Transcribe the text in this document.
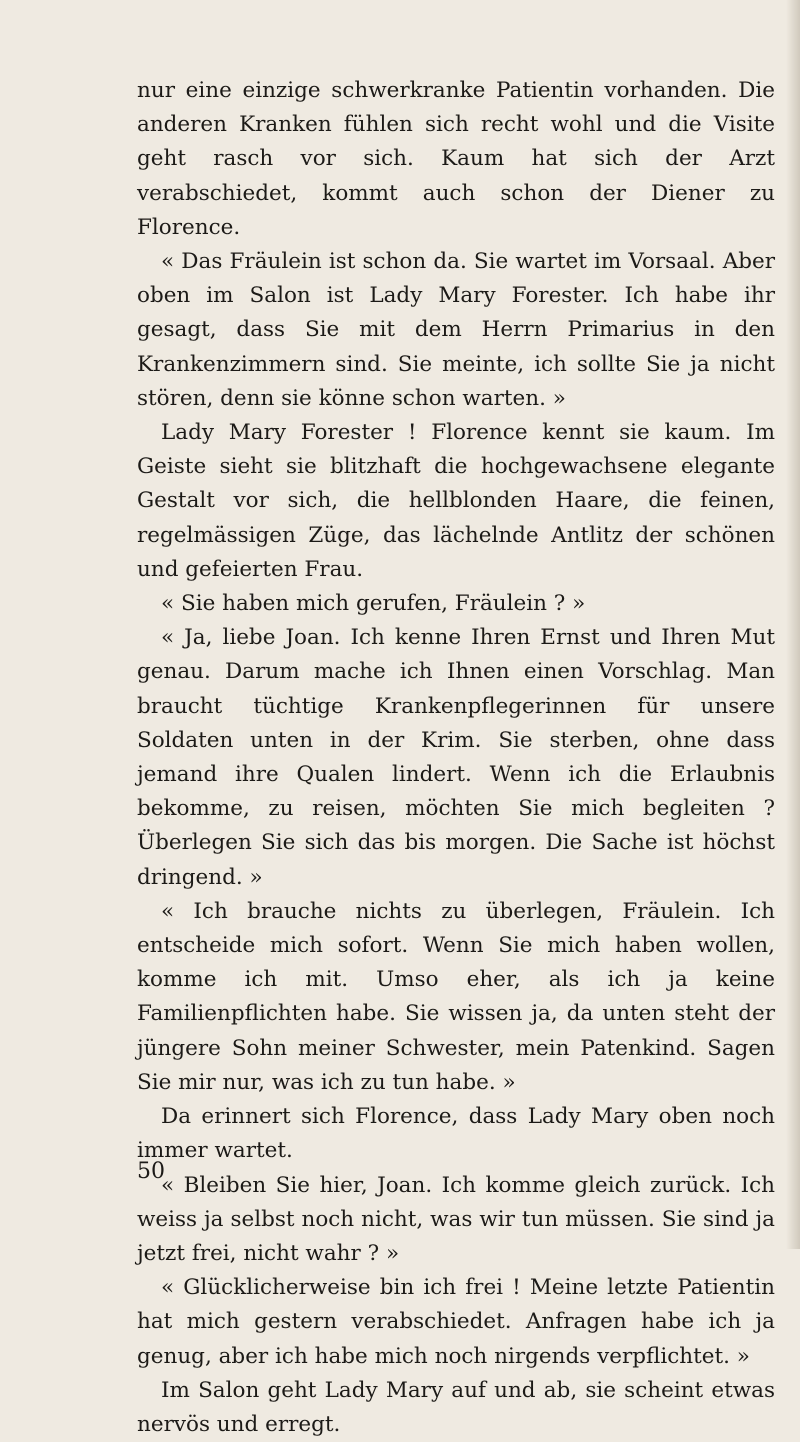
nur eine einzige schwerkranke Patientin vorhanden. Die anderen Kranken fühlen sich recht wohl und die Visite geht rasch vor sich. Kaum hat sich der Arzt verabschiedet, kommt auch schon der Diener zu Florence.

« Das Fräulein ist schon da. Sie wartet im Vorsaal. Aber oben im Salon ist Lady Mary Forester. Ich habe ihr gesagt, dass Sie mit dem Herrn Primarius in den Krankenzimmern sind. Sie meinte, ich sollte Sie ja nicht stören, denn sie könne schon warten. »

Lady Mary Forester ! Florence kennt sie kaum. Im Geiste sieht sie blitzhaft die hochgewachsene elegante Gestalt vor sich, die hellblonden Haare, die feinen, regelmässigen Züge, das lächelnde Antlitz der schönen und gefeierten Frau.

« Sie haben mich gerufen, Fräulein ? »

« Ja, liebe Joan. Ich kenne Ihren Ernst und Ihren Mut genau. Darum mache ich Ihnen einen Vorschlag. Man braucht tüchtige Krankenpflegerinnen für unsere Soldaten unten in der Krim. Sie sterben, ohne dass jemand ihre Qualen lindert. Wenn ich die Erlaubnis bekomme, zu reisen, möchten Sie mich begleiten ? Überlegen Sie sich das bis morgen. Die Sache ist höchst dringend. »

« Ich brauche nichts zu überlegen, Fräulein. Ich entscheide mich sofort. Wenn Sie mich haben wollen, komme ich mit. Umso eher, als ich ja keine Familienpflichten habe. Sie wissen ja, da unten steht der jüngere Sohn meiner Schwester, mein Patenkind. Sagen Sie mir nur, was ich zu tun habe. »

Da erinnert sich Florence, dass Lady Mary oben noch immer wartet.

« Bleiben Sie hier, Joan. Ich komme gleich zurück. Ich weiss ja selbst noch nicht, was wir tun müssen. Sie sind ja jetzt frei, nicht wahr ? »

« Glücklicherweise bin ich frei ! Meine letzte Patientin hat mich gestern verabschiedet. Anfragen habe ich ja genug, aber ich habe mich noch nirgends verpflichtet. »

Im Salon geht Lady Mary auf und ab, sie scheint etwas nervös und erregt.

50
